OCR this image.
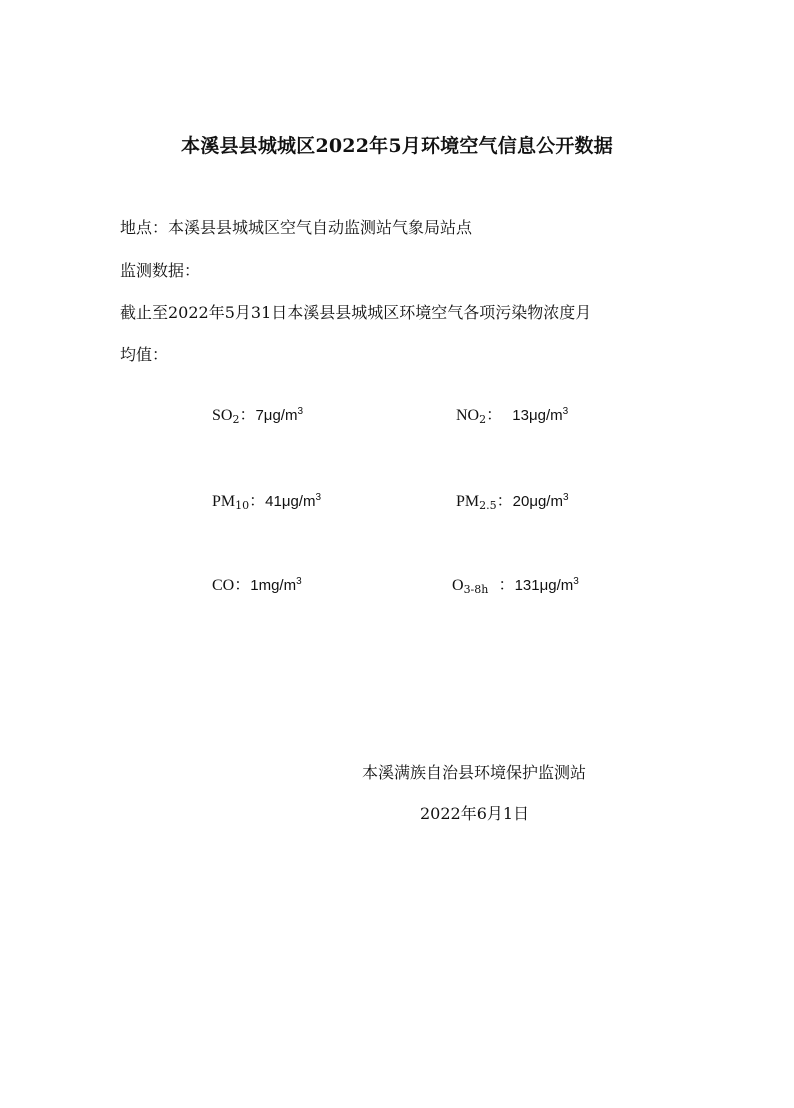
本溪县县城城区2022年5月环境空气信息公开数据
地点：本溪县县城城区空气自动监测站气象局站点
监测数据：
截止至2022年5月31日本溪县县城城区环境空气各项污染物浓度月
均值：
SO2：$7\mu g/m^3$	NO2：  $13\mu g/m^3$
PM10：$41\mu g/m^3$	PM2.5：$20\mu g/m^3$
CO：$1mg/m^3$	O3-8h  ：$131\mu g/m^3$
本溪满族自治县环境保护监测站
2022年6月1日
